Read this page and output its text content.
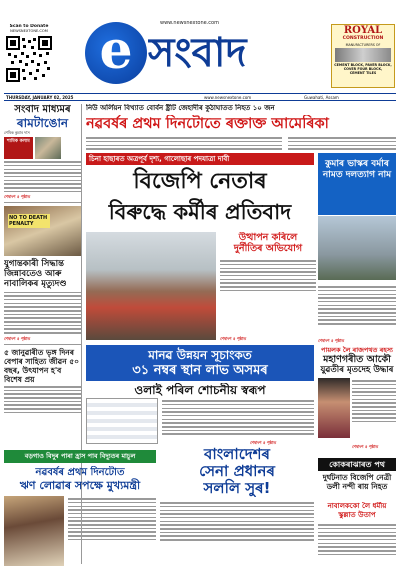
Scan to Donate
NEWSNEXTONE.COM
www.newsnextone.com
e সংবাদ	ROYAL
CONSTRUCTION
MANUFACTURERS OF
CEMENT BLOCK, PAVER BLOCK,
COVER FOUR BLOCK,
CEMENT TILES
THURSDAY, JANUARY 02, 2025	www.newsnextone.com	Guwahati, Assam
সংবাদ মাধ্যমৰ
ৰামটাঙোন
শেষিক কুমাৰ দাস
শামিক কলাম
শেষাংশ ৫ পৃষ্ঠাত
NO TO DEATH PENALTY
যুগান্তকাৰী সিদ্ধান্ত জিন্নাবতেও আৰু নাবালিকৰ মৃত্যুদণ্ড
শেষাংশ ৫ পৃষ্ঠাত
৫ জানুৱাৰীত ভৃঙ্গ দিনৰ বেপাৰ সাহিত্য জীৱন ৫০ বছৰ, উৎযাপন হ'ব বিশেষ প্ৰয়
নিউ অৰ্লিয়ন বিখ্যাত বোৰ্বন ষ্ট্ৰীট জেহাদীৰ কুঠাঘাতত নিহত ১০ জন
নৱবৰ্ষৰ প্ৰথম দিনটোতে ৰক্তাক্ত আমেৰিকা
চিনা হাছাৰত অত্ৰপূৰ্ব দৃশ্য, গালোছাৰ পদযাত্ৰা দাবী
বিজেপি নেতাৰ
বিৰুদ্ধে কৰ্মীৰ প্ৰতিবাদ
কুমাৰ ভাস্কৰ বৰ্মাৰ নামত দলত্যাগ নাম
উত্থাপন কৰিলে
দুৰ্নীতিৰ অভিযোগ
শেষাংশ ৫ পৃষ্ঠাত	শেষাংশ ৫ পৃষ্ঠাত
মানৱ উন্নয়ন সূচাংকত
৩১ নম্বৰ স্থান লাভ অসমৰ
ওলাই পৰিল শোচনীয় স্বৰূপ
শেষাংশ ৫ পৃষ্ঠাত
পায়লক লৈ ৰাজপথত ৰহস্য
মহাণগৰীত আকৌ
যুৱতীৰ মৃতদেহ উদ্ধাৰ
শেষাংশ ৫ পৃষ্ঠাত
কোকৰাঝাৰত পথ
দুৰ্ঘটনাত বিজেপি নেত্ৰী ডলী নন্দী ৰায় নিহত
বাংলাদেশৰ
সেনা প্ৰধানৰ
সললি সুৰ!
বড়গাও বিদুৰ পাৰা হ্ৰাস পাব বিদ্যুতৰ মাচুল
নৱবৰ্ষৰ প্ৰথম দিনটোত
ঋণ লোৱাৰ সপক্ষে মুখ্যমন্ত্ৰী
নাবালককো লৈ ধৰ্মীয় স্কুল্লাত উতাপ
